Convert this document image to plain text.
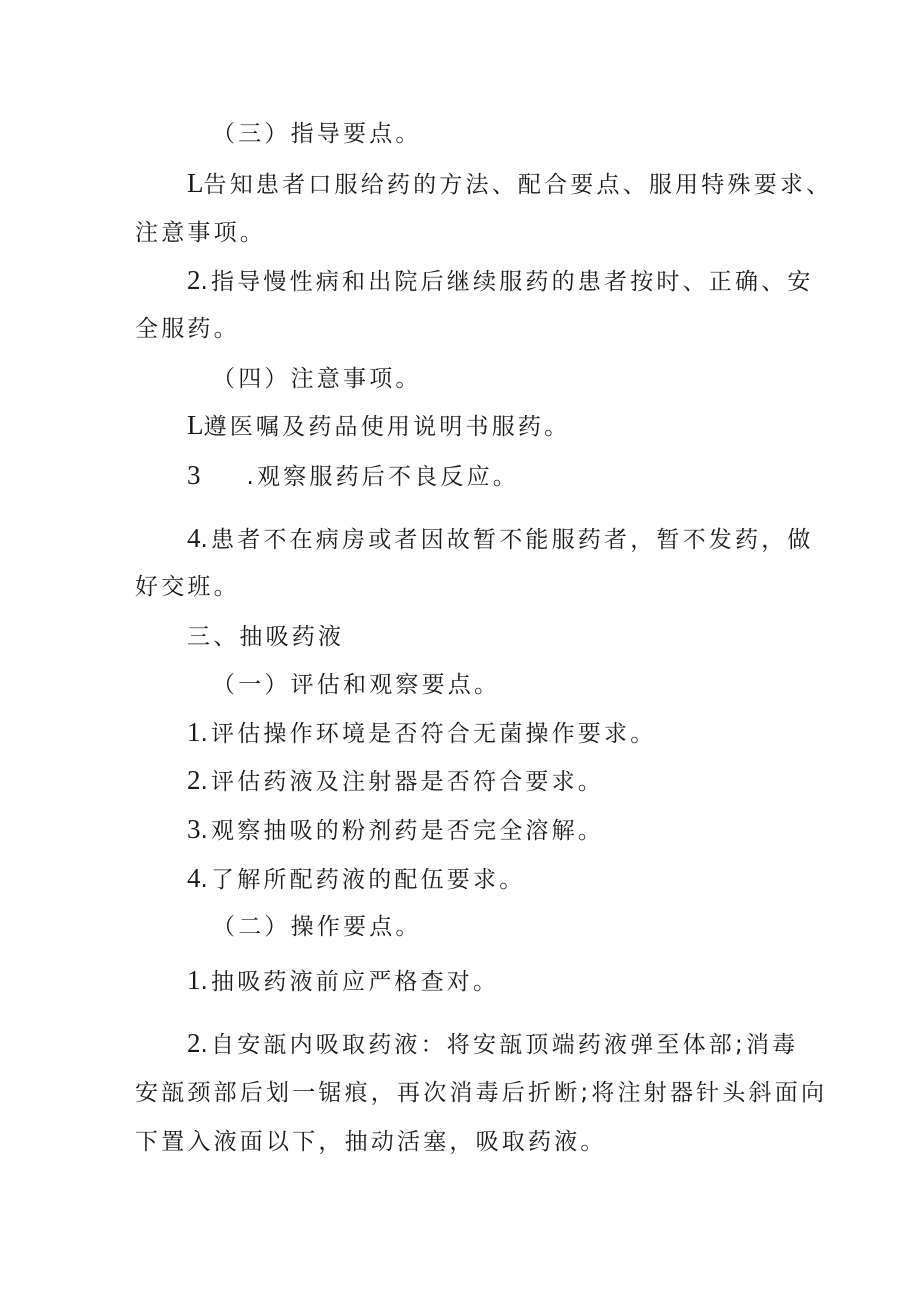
（三）指导要点。
L告知患者口服给药的方法、配合要点、服用特殊要求、
注意事项。
2.指导慢性病和出院后继续服药的患者按时、正确、安
全服药。
（四）注意事项。
L遵医嘱及药品使用说明书服药。
3 .观察服药后不良反应。
4.患者不在病房或者因故暂不能服药者，暂不发药，做
好交班。
三、抽吸药液
（一）评估和观察要点。
1.评估操作环境是否符合无菌操作要求。
2.评估药液及注射器是否符合要求。
3.观察抽吸的粉剂药是否完全溶解。
4.了解所配药液的配伍要求。
（二）操作要点。
1.抽吸药液前应严格查对。
2.自安瓿内吸取药液：将安瓿顶端药液弹至体部;消毒
安瓿颈部后划一锯痕，再次消毒后折断;将注射器针头斜面向
下置入液面以下，抽动活塞，吸取药液。
